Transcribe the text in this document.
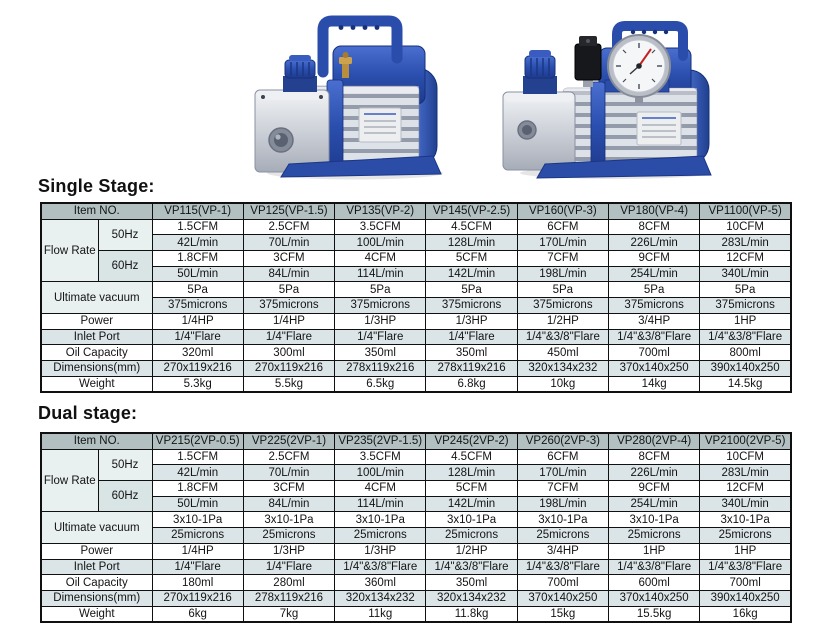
Single Stage:
Dual stage:
Item NO.		VP115(VP-1)	VP125(VP-1.5)	VP135(VP-2)	VP145(VP-2.5)	VP160(VP-3)	VP180(VP-4)	VP1100(VP-5)
Flow Rate	50Hz	1.5CFM	2.5CFM	3.5CFM	4.5CFM	6CFM	8CFM	10CFM
		42L/min	70L/min	100L/min	128L/min	170L/min	226L/min	283L/min
	60Hz	1.8CFM	3CFM	4CFM	5CFM	7CFM	9CFM	12CFM
		50L/min	84L/min	114L/min	142L/min	198L/min	254L/min	340L/min
Ultimate vacuum		5Pa	5Pa	5Pa	5Pa	5Pa	5Pa	5Pa
		375microns	375microns	375microns	375microns	375microns	375microns	375microns
Power		1/4HP	1/4HP	1/3HP	1/3HP	1/2HP	3/4HP	1HP
Inlet Port		1/4"Flare	1/4"Flare	1/4"Flare	1/4"Flare	1/4"&3/8"Flare	1/4"&3/8"Flare	1/4"&3/8"Flare
Oil Capacity		320ml	300ml	350ml	350ml	450ml	700ml	800ml
Dimensions(mm)		270x119x216	270x119x216	278x119x216	278x119x216	320x134x232	370x140x250	390x140x250
Weight		5.3kg	5.5kg	6.5kg	6.8kg	10kg	14kg	14.5kg
Item NO.		VP215(2VP-0.5)	VP225(2VP-1)	VP235(2VP-1.5)	VP245(2VP-2)	VP260(2VP-3)	VP280(2VP-4)	VP2100(2VP-5)
Flow Rate	50Hz	1.5CFM	2.5CFM	3.5CFM	4.5CFM	6CFM	8CFM	10CFM
		42L/min	70L/min	100L/min	128L/min	170L/min	226L/min	283L/min
	60Hz	1.8CFM	3CFM	4CFM	5CFM	7CFM	9CFM	12CFM
		50L/min	84L/min	114L/min	142L/min	198L/min	254L/min	340L/min
Ultimate vacuum		3x10-1Pa	3x10-1Pa	3x10-1Pa	3x10-1Pa	3x10-1Pa	3x10-1Pa	3x10-1Pa
		25microns	25microns	25microns	25microns	25microns	25microns	25microns
Power		1/4HP	1/3HP	1/3HP	1/2HP	3/4HP	1HP	1HP
Inlet Port		1/4"Flare	1/4"Flare	1/4"&3/8"Flare	1/4"&3/8"Flare	1/4"&3/8"Flare	1/4"&3/8"Flare	1/4"&3/8"Flare
Oil Capacity		180ml	280ml	360ml	350ml	700ml	600ml	700ml
Dimensions(mm)		270x119x216	278x119x216	320x134x232	320x134x232	370x140x250	370x140x250	390x140x250
Weight		6kg	7kg	11kg	11.8kg	15kg	15.5kg	16kg
